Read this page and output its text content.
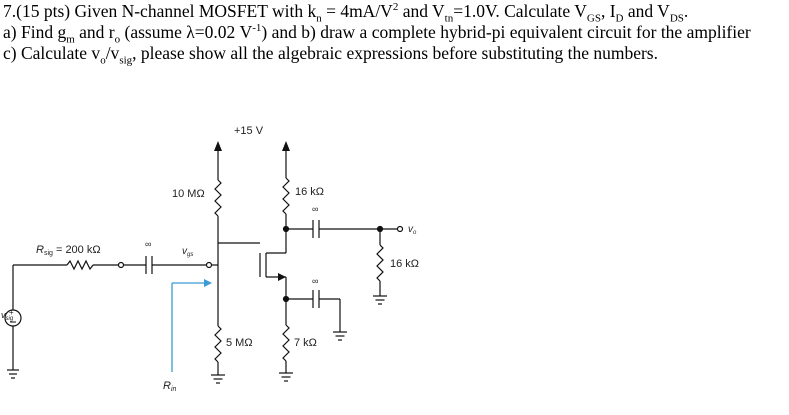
7.(15 pts) Given N-channel MOSFET with $k_n = 4mA/V^2$ and $V_{tn}=1.0V$. Calculate $V_{GS}$, $I_D$ and $V_{DS}$.
a) Find $g_m$ and $r_o$ (assume λ=0.02 $V^{-1}$) and b) draw a complete hybrid-pi equivalent circuit for the amplifier
c) Calculate $v_o/v_{sig}$, please show all the algebraic expressions before substituting the numbers.
+
+15 V
10 MΩ	16 kΩ
Rsig = 200 kΩ	∞
$v_{gs}$
∞
$v_o$
16 kΩ
∞
5 MΩ	7 kΩ
$v_{sig}$
Rin
